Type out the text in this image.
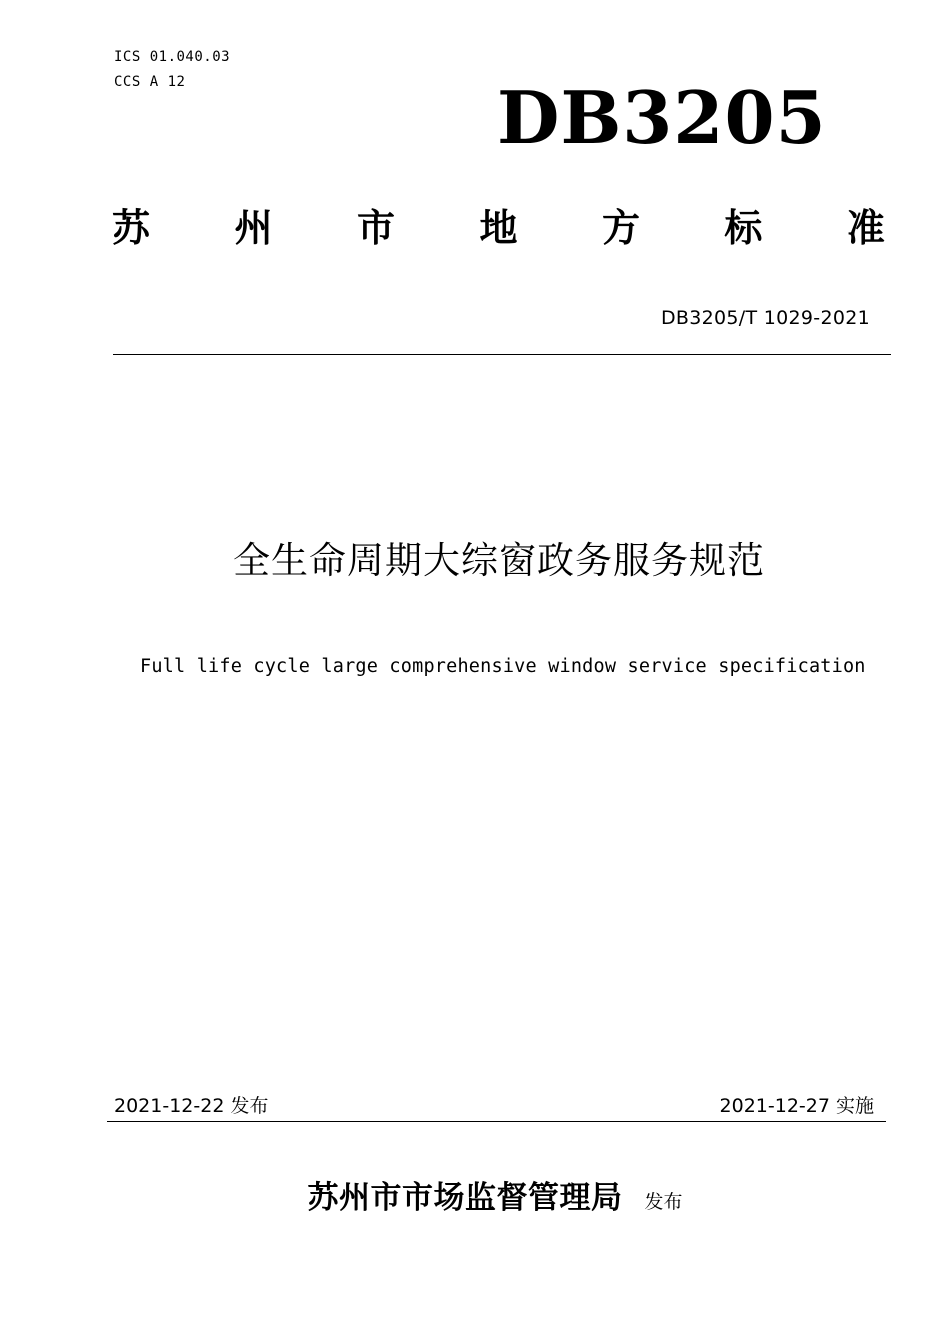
ICS 01.040.03
CCS A 12	DB3205
苏 州 市 地 方 标 准
DB3205/T 1029-2021
全生命周期大综窗政务服务规范
Full life cycle large comprehensive window service specification
2021-12-22 发布	2021-12-27 实施
苏州市市场监督管理局 发布
